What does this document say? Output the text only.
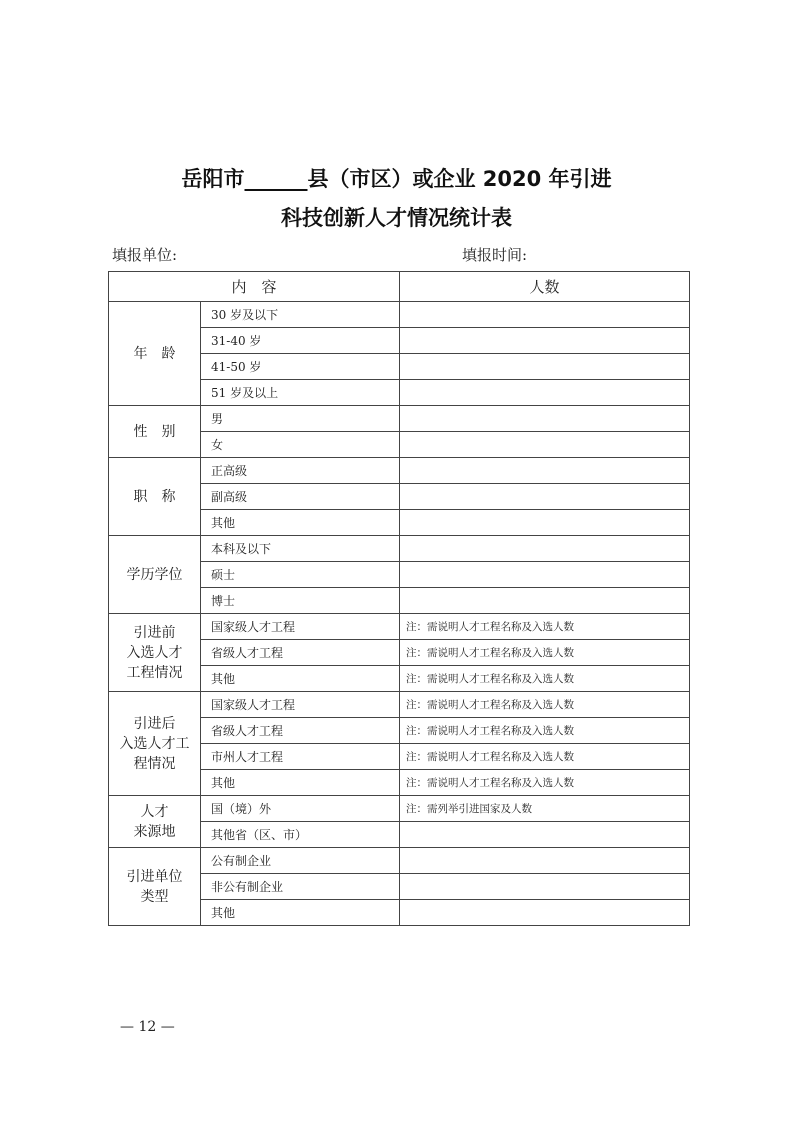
岳阳市______县（市区）或企业 2020 年引进
科技创新人才情况统计表
填报单位:	填报时间:
内　容		人数
年　龄	30 岁及以下	
	31-40 岁	
	41-50 岁	
	51 岁及以上	
性　别	男	
	女	
职　称	正高级	
	副高级	
	其他	
学历学位	本科及以下	
	硕士	
	博士	
引进前
入选人才
工程情况	国家级人才工程	注：需说明人才工程名称及入选人数
	省级人才工程	注：需说明人才工程名称及入选人数
	其他	注：需说明人才工程名称及入选人数
引进后
入选人才工
程情况	国家级人才工程	注：需说明人才工程名称及入选人数
	省级人才工程	注：需说明人才工程名称及入选人数
	市州人才工程	注：需说明人才工程名称及入选人数
	其他	注：需说明人才工程名称及入选人数
人才
来源地	国（境）外	注：需列举引进国家及人数
	其他省（区、市）	
引进单位
类型	公有制企业	
	非公有制企业	
	其他	
— 12 —
